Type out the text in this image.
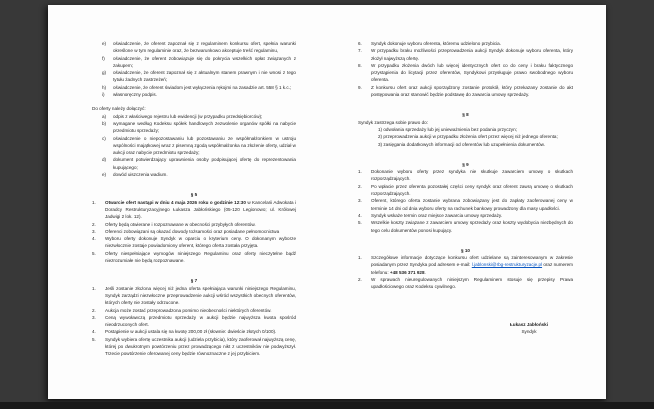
e) oświadczenie, że oferent zapoznał się z regulaminem konkursu ofert, spełnia warunki określone w tym regulaminie oraz, że bezwarunkowo akceptuje treść regulaminu,
f) oświadczenie, że oferent zobowiązuje się do pokrycia wszelkich opłat związanych z zakupem;
g) oświadczenie, że oferent zapoznał się z aktualnym stanem prawnym i nie wnosi z tego tytułu żadnych zastrzeżeń;
h) oświadczenie, że oferent świadom jest wyłączenia rękojmi na zasadzie art. 558 § 1 k.c.;
i) własnoręczny podpis.
Do oferty należy dołączyć:
a) odpis z właściwego rejestru lub ewidencji (w przypadku przedsiębiorców);
b) wymagane według Kodeksu spółek handlowych zezwolenie organów spółki na nabycie przedmiotu sprzedaży;
c) oświadczenie o niepozostawaniu lub pozostawaniu ze współmałżonkiem w ustroju wspólności majątkowej wraz z pisemną zgodą współmałżonka na złożenie oferty, udział w aukcji oraz nabycie przedmiotu sprzedaży;
d) dokument potwierdzający uprawnienia osoby podpisującej ofertę do reprezentowania kupującego;
e) dowód uiszczenia wadium.
§ 5
1. Otwarcie ofert nastąpi w dniu 4 maja 2026 roku o godzinie 12:30 w Kancelarii Adwokata i Doradcy Restrukturyzacyjnego Łukasza Jabłońskiego (05-120 Legionowo; ul. Królowej Jadwigi 2 lok. 12).
2. Oferty będą otwierane i rozpoznawane w obecności przybyłych oferentów.
3. Oferenci zobowiązani są okazać dowody tożsamości oraz posiadane pełnomocnictwa
4. Wyboru oferty dokonuje Syndyk w oparciu o kryterium ceny. O dokonanym wyborze niezwłocznie zostaje powiadomiony oferent, którego oferta została przyjęta.
5. Oferty niespełniające wymogów niniejszego Regulaminu oraz oferty nieczytelne bądź niezrozumiałe nie będą rozpoznawane.
§ 7
1. Jeśli zostanie złożona więcej niż jedna oferta spełniająca warunki niniejszego Regulaminu, Syndyk zarządzi niezwłoczne przeprowadzenie aukcji wśród wszystkich obecnych oferentów, których oferty nie zostały odrzucone.
2. Aukcja może zostać przeprowadzona pomimo nieobecności niektórych oferentów.
3. Ceną wywoławczą przedmiotu sprzedaży w aukcji będzie najwyższa kwota spośród nieodrzuconych ofert.
4. Postąpienie w aukcji ustala się na kwotę 200,00 zł (słownie: dwieście złotych 0/100).
5. Syndyk wybiera ofertę uczestnika aukcji (udziela przybicia), który zaoferował najwyższą cenę, której po dwukrotnym powtórzeniu przez prowadzącego nikt z uczestników nie podwyższył. Trzecie powtórzenie oferowanej ceny będzie równoznaczne z jej przybiciem.
6. Syndyk dokonuje wyboru oferenta, któremu udzielono przybicia.
7. W przypadku braku możliwości przeprowadzenia aukcji Syndyk dokonuje wyboru oferenta, który złożył najwyższą ofertę.
8. W przypadku złożenia dwóch lub więcej identycznych ofert co do ceny i braku faktycznego przystąpienia do licytacji przez oferentów, Syndykowi przysługuje prawo swobodnego wyboru oferenta.
9. Z konkursu ofert oraz aukcji sporządzony zostanie protokół, który przekazany zostanie do akt postępowania oraz stanowić będzie podstawę do zawarcia umowy sprzedaży.
§ 8
Syndyk zastrzega sobie prawo do:
1) odwołania sprzedaży lub jej unieważnienia bez podania przyczyn;
2) przeprowadzenia aukcji w przypadku złożenia ofert przez więcej niż jednego oferenta;
3) zasięgania dodatkowych informacji od oferentów lub uzupełnienia dokumentów.
§ 9
1. Dokonanie wyboru oferty przez syndyka nie skutkuje zawarciem umowy o skutkach rozporządzających.
2. Po wpłacie przez oferenta pozostałej części ceny syndyk oraz oferent zawrą umowę o skutkach rozporządzających.
3. Oferent, którego oferta zostanie wybrana zobowiązany jest do zapłaty zaoferowanej ceny w terminie 14 dni od dnia wyboru oferty na rachunek bankowy prowadzony dla masy upadłości.
4. Syndyk wskaże termin oraz miejsce zawarcia umowy sprzedaży.
5. Wszelkie koszty związane z zawarciem umowy sprzedaży oraz koszty wydobycia niezbędnych do tego celu dokumentów ponosi kupujący.
§ 10
1. Szczegółowe informacje dotyczące konkursu ofert udzielane są zainteresowanym w zakresie posiadanym przez Syndyka pod adresem e-mail: l.jablonski@rbg-restrukturyzacje.pl oraz numerem telefonu: +48 536 371 928.
2. W sprawach nieuregulowanych niniejszym Regulaminem stosuje się przepisy Prawa upadłościowego oraz Kodeksu cywilnego.
Łukasz Jabłoński
Syndyk
